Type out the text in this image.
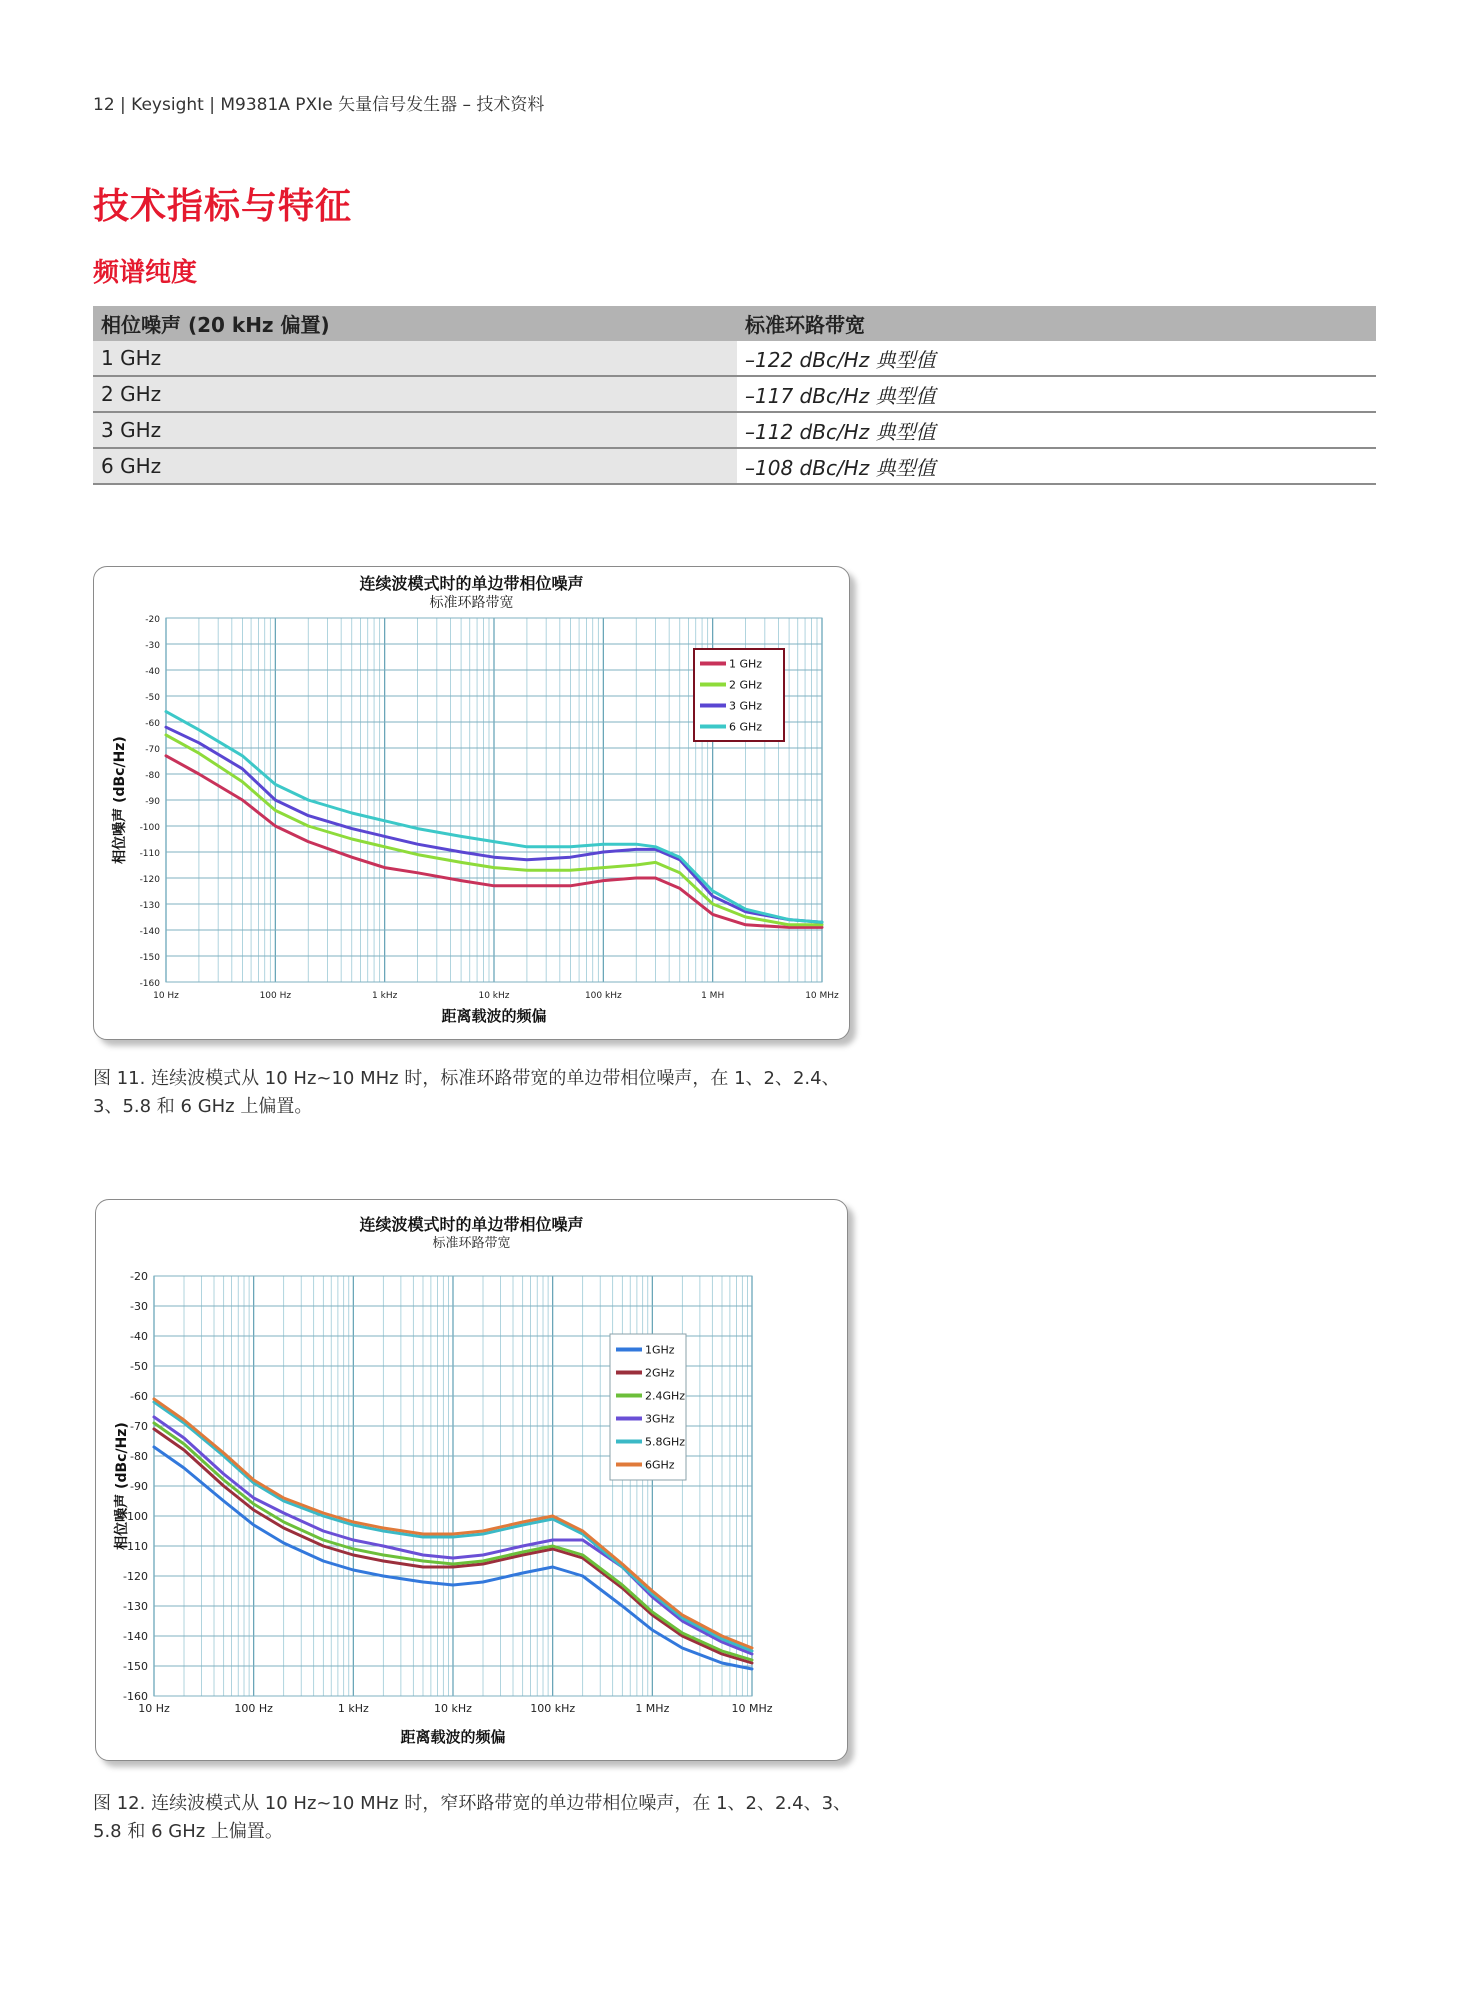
12 | Keysight | M9381A PXIe 矢量信号发生器 – 技术资料
技术指标与特征
频谱纯度
相位噪声 (20 kHz 偏置)	标准环路带宽
1 GHz	–122 dBc/Hz 典型值
2 GHz	–117 dBc/Hz 典型值
3 GHz	–112 dBc/Hz 典型值
6 GHz	–108 dBc/Hz 典型值
连续波模式时的单边带相位噪声
标准环路带宽
-20
-30
-40
-50
-60
-70
-80
-90
-100
-110
-120
-130
-140
-150
-160
10 Hz	100 Hz	1 kHz	10 kHz	100 kHz	1 MH	10 MHz
距离载波的频偏
相位噪声 (dBc/Hz)
1 GHz
2 GHz
3 GHz
6 GHz
图 11. 连续波模式从 10 Hz~10 MHz 时，标准环路带宽的单边带相位噪声，在 1、2、2.4、3、5.8 和 6 GHz 上偏置。
连续波模式时的单边带相位噪声
标准环路带宽
-20
-30
-40
-50
-60
-70
-80
-90
-100
-110
-120
-130
-140
-150
-160
10 Hz	100 Hz	1 kHz	10 kHz	100 kHz	1 MHz	10 MHz
距离载波的频偏
相位噪声 (dBc/Hz)
1GHz
2GHz
2.4GHz
3GHz
5.8GHz
6GHz
图 12. 连续波模式从 10 Hz~10 MHz 时，窄环路带宽的单边带相位噪声，在 1、2、2.4、3、5.8 和 6 GHz 上偏置。
